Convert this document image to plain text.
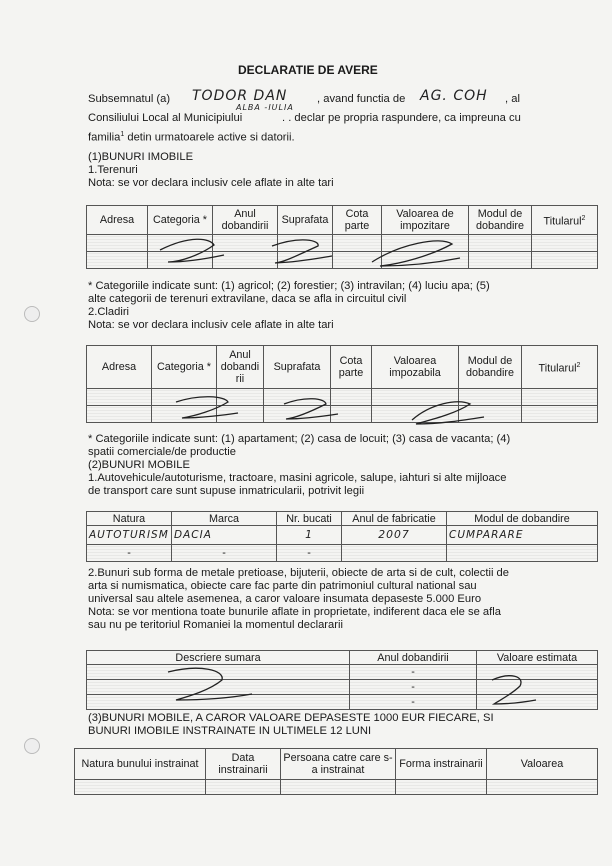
DECLARATIE DE AVERE
Subsemnatul (a) TODOR DAN	, avand functia de AG. COH , al
ALBA -IULIA
Consiliului Local al Municipiului	. . declar pe propria raspundere, ca impreuna cu
familia$^1$ detin urmatoarele active si datorii.
(1)BUNURI IMOBILE
1.Terenuri
Nota: se vor declara inclusiv cele aflate in alte tari
Adresa	Categoria *	Anul dobandirii	Suprafata	Cota parte	Valoarea de impozitare	Modul de dobandire	Titularul$^2$

* Categoriile indicate sunt: (1) agricol; (2) forestier; (3) intravilan; (4) luciu apa; (5)
alte categorii de terenuri extravilane, daca se afla in circuitul civil
2.Cladiri
Nota: se vor declara inclusiv cele aflate in alte tari
Adresa	Categoria *	Anul dobandi rii	Suprafata	Cota parte	Valoarea impozabila	Modul de dobandire	Titularul$^2$

* Categoriile indicate sunt: (1) apartament; (2) casa de locuit; (3) casa de vacanta; (4)
spatii comerciale/de productie
(2)BUNURI MOBILE
1.Autovehicule/autoturisme, tractoare, masini agricole, salupe, iahturi si alte mijloace
de transport care sunt supuse inmatricularii, potrivit legii
Natura	Marca	Nr. bucati	Anul de fabricatie	Modul de dobandire
AUTOTURISM	DACIA	1	2007	CUMPARARE
-	-	-		
2.Bunuri sub forma de metale pretioase, bijuterii, obiecte de arta si de cult, colectii de
arta si numismatica, obiecte care fac parte din patrimoniul cultural national sau
universal sau altele asemenea, a caror valoare insumata depaseste 5.000 Euro
Nota: se vor mentiona toate bunurile aflate in proprietate, indiferent daca ele se afla
sau nu pe teritoriul Romaniei la momentul declararii
Descriere sumara	Anul dobandirii	Valoare estimata
	-	
	-	
	-	
(3)BUNURI MOBILE, A CAROR VALOARE DEPASESTE 1000 EUR FIECARE, SI
BUNURI IMOBILE INSTRAINATE IN ULTIMELE 12 LUNI
Natura bunului instrainat	Data instrainarii	Persoana catre care s-a instrainat	Forma instrainarii	Valoarea
